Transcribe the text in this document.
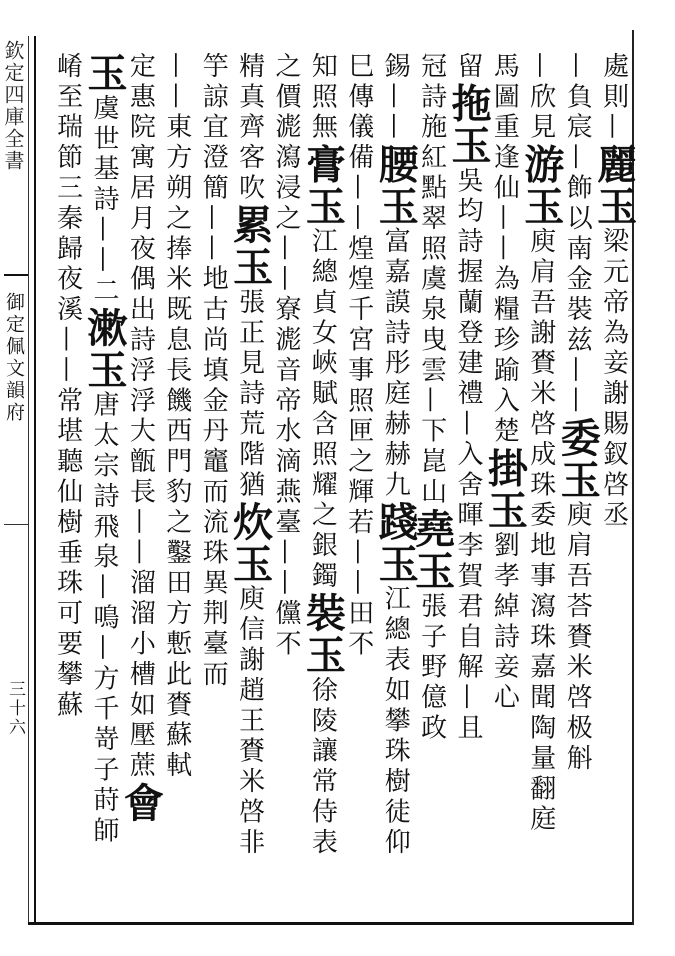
欽定四庫全書
御定佩文韻府
三十六
處則—麗玉梁元帝為妾謝賜釵啓丞
—負宸—飾以南金裝兹——委玉庾肩吾荅賚米啓极斛
—欣見游玉庾肩吾謝賚米啓成珠委地事瀉珠嘉聞陶量翻庭
馬圖重逢仙——為糧珍踰入楚掛玉劉孝綽詩妾心
留拖玉吳均詩握蘭登建禮—入舍暉李賀君自解—且
冠詩施紅點翠照虞泉曳雲—下崑山堯玉張子野億政
錫——腰玉富嘉謨詩彤庭赫赫九踐玉江總表如攀珠樹徒仰
巳傳儀備——煌煌千宮事照匣之輝若——田不
知照無膏玉江總貞女峽賦含照耀之銀鐲裝玉徐陵讓常侍表
之價滮瀉浸之——寮滮音帝水滴燕臺——儻不
精真齊客吹累玉張正見詩荒階猶炊玉庾信謝趙王賚米啓非
竽諒宜澄簡——地古尚填金丹竈而流珠異荆臺而
——東方朔之捧米既息長饑西門豹之鑿田方慙此賚蘇軾
定惠院寓居月夜偶出詩浮浮大甑長——溜溜小槽如壓蔗會
玉虞世基詩——二漱玉唐太宗詩飛泉—鳴—方千嵜子莳師
崤至瑞節三秦歸夜溪——常堪聽仙樹垂珠可要攀蘇
